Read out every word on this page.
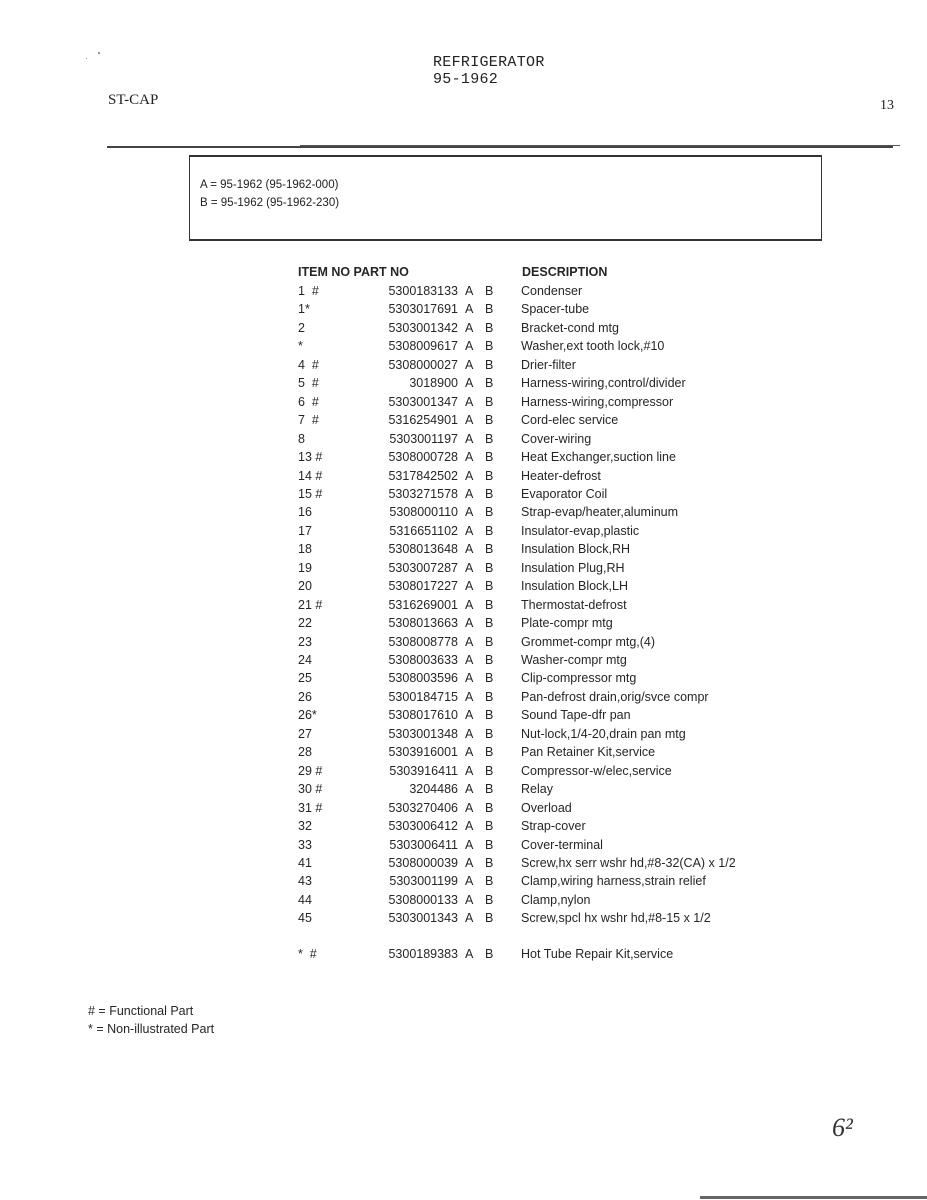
REFRIGERATOR
95-1962
ST-CAP	13
A = 95-1962 (95-1962-000)
B = 95-1962 (95-1962-230)
ITEM NO PART NO	DESCRIPTION
1  #	5300183133 A B Condenser
1*	5303017691 A B Spacer-tube
2	5303001342 A B Bracket-cond mtg
*	5308009617 A B Washer,ext tooth lock,#10
4  #	5308000027 A B Drier-filter
5  #	3018900 A B Harness-wiring,control/divider
6  #	5303001347 A B Harness-wiring,compressor
7  #	5316254901 A B Cord-elec service
8	5303001197 A B Cover-wiring
13 #	5308000728 A B Heat Exchanger,suction line
14 #	5317842502 A B Heater-defrost
15 #	5303271578 A B Evaporator Coil
16	5308000110 A B Strap-evap/heater,aluminum
17	5316651102 A B Insulator-evap,plastic
18	5308013648 A B Insulation Block,RH
19	5303007287 A B Insulation Plug,RH
20	5308017227 A B Insulation Block,LH
21 #	5316269001 A B Thermostat-defrost
22	5308013663 A B Plate-compr mtg
23	5308008778 A B Grommet-compr mtg,(4)
24	5308003633 A B Washer-compr mtg
25	5308003596 A B Clip-compressor mtg
26	5300184715 A B Pan-defrost drain,orig/svce compr
26*	5308017610 A B Sound Tape-dfr pan
27	5303001348 A B Nut-lock,1/4-20,drain pan mtg
28	5303916001 A B Pan Retainer Kit,service
29 #	5303916411 A B Compressor-w/elec,service
30 #	3204486 A B Relay
31 #	5303270406 A B Overload
32	5303006412 A B Strap-cover
33	5303006411 A B Cover-terminal
41	5308000039 A B Screw,hx serr wshr hd,#8-32(CA) x 1/2
43	5303001199 A B Clamp,wiring harness,strain relief
44	5308000133 A B Clamp,nylon
45	5303001343 A B Screw,spcl hx wshr hd,#8-15 x 1/2
*  #	5300189383 A B Hot Tube Repair Kit,service
# = Functional Part
* = Non-illustrated Part
6²
